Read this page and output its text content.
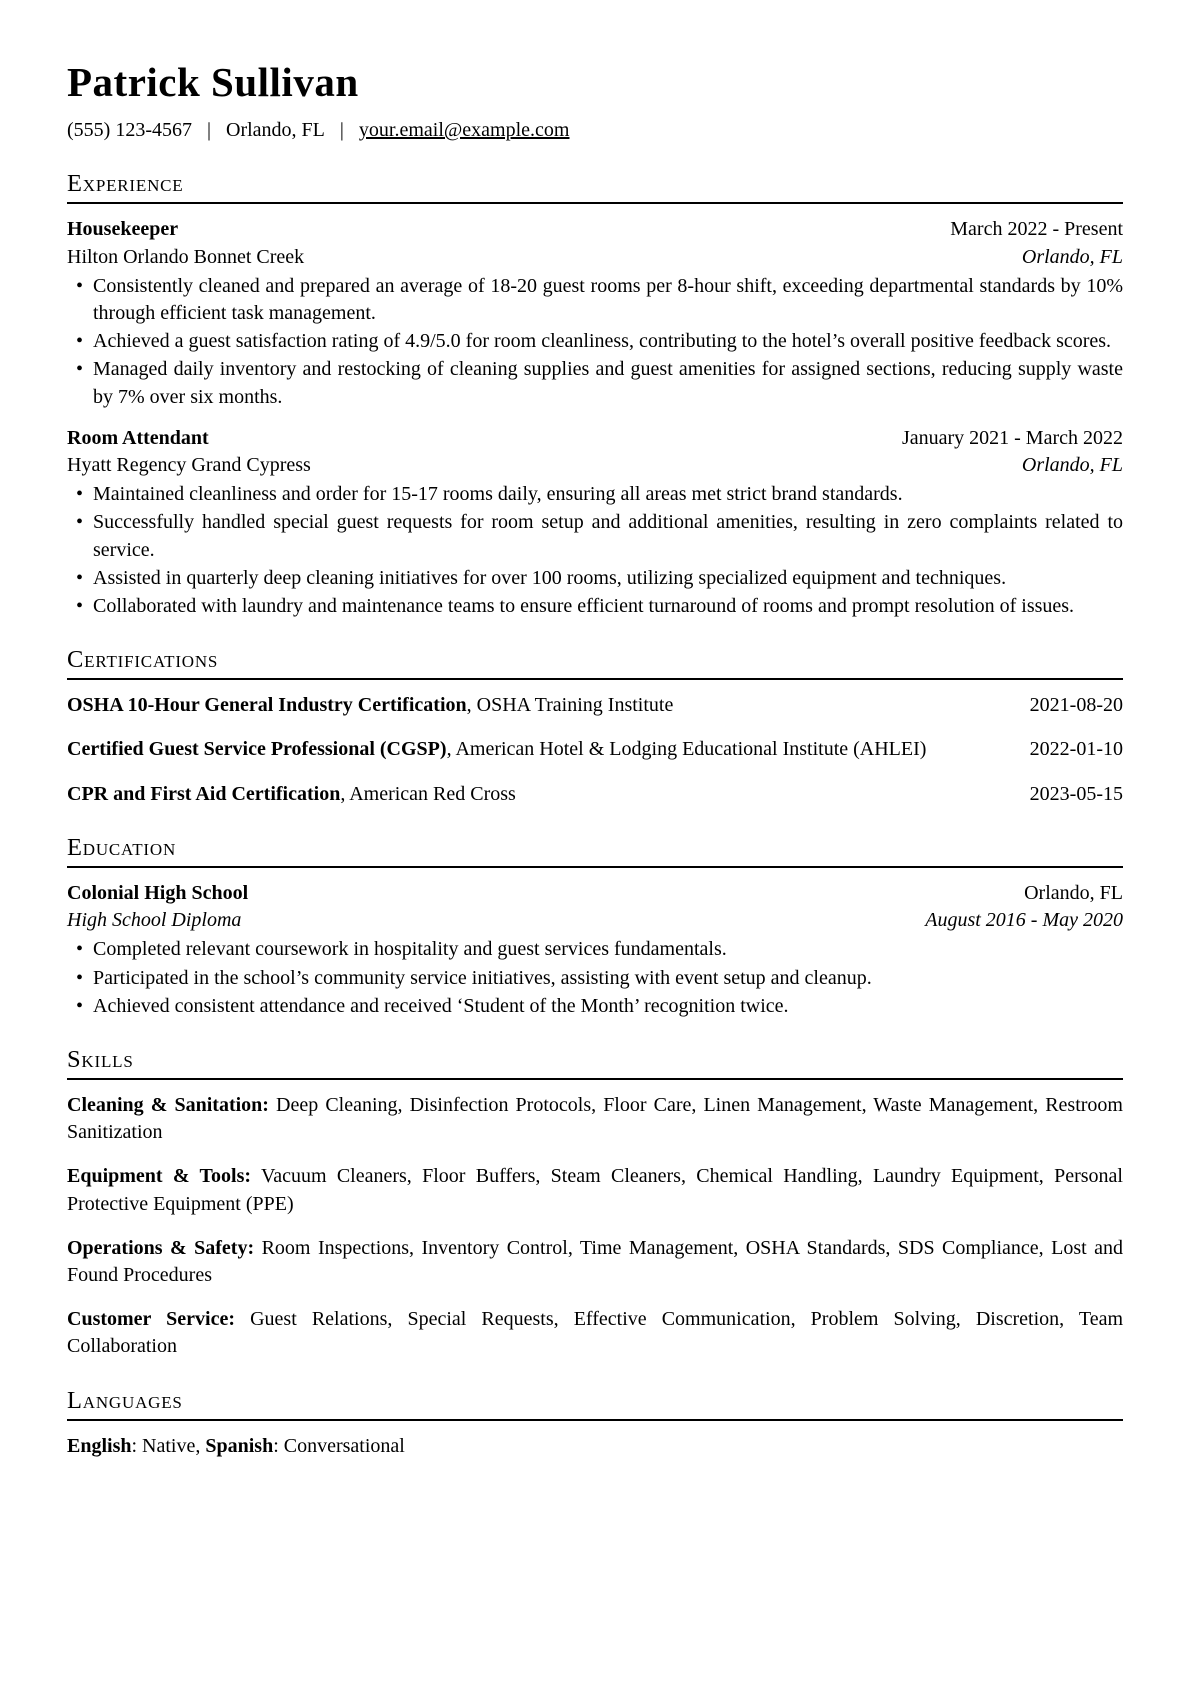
Patrick Sullivan
(555) 123-4567 | Orlando, FL | your.email@example.com
Experience
Housekeeper	March 2022 - Present
Hilton Orlando Bonnet Creek	Orlando, FL
• Consistently cleaned and prepared an average of 18-20 guest rooms per 8-hour shift, exceeding departmental standards by 10% through efficient task management.
• Achieved a guest satisfaction rating of 4.9/5.0 for room cleanliness, contributing to the hotel’s overall positive feedback scores.
• Managed daily inventory and restocking of cleaning supplies and guest amenities for assigned sections, reducing supply waste by 7% over six months.
Room Attendant	January 2021 - March 2022
Hyatt Regency Grand Cypress	Orlando, FL
• Maintained cleanliness and order for 15-17 rooms daily, ensuring all areas met strict brand standards.
• Successfully handled special guest requests for room setup and additional amenities, resulting in zero complaints related to service.
• Assisted in quarterly deep cleaning initiatives for over 100 rooms, utilizing specialized equipment and techniques.
• Collaborated with laundry and maintenance teams to ensure efficient turnaround of rooms and prompt resolution of issues.
Certifications
OSHA 10-Hour General Industry Certification, OSHA Training Institute	2021-08-20
Certified Guest Service Professional (CGSP), American Hotel & Lodging Educational Institute (AHLEI)	2022-01-10
CPR and First Aid Certification, American Red Cross	2023-05-15
Education
Colonial High School	Orlando, FL
High School Diploma	August 2016 - May 2020
• Completed relevant coursework in hospitality and guest services fundamentals.
• Participated in the school’s community service initiatives, assisting with event setup and cleanup.
• Achieved consistent attendance and received ‘Student of the Month’ recognition twice.
Skills

Cleaning & Sanitation: Deep Cleaning, Disinfection Protocols, Floor Care, Linen Management, Waste Management, Restroom Sanitization

Equipment & Tools: Vacuum Cleaners, Floor Buffers, Steam Cleaners, Chemical Handling, Laundry Equipment, Personal Protective Equipment (PPE)

Operations & Safety: Room Inspections, Inventory Control, Time Management, OSHA Standards, SDS Compliance, Lost and Found Procedures

Customer Service: Guest Relations, Special Requests, Effective Communication, Problem Solving, Discretion, Team Collaboration

Languages

English: Native, Spanish: Conversational
